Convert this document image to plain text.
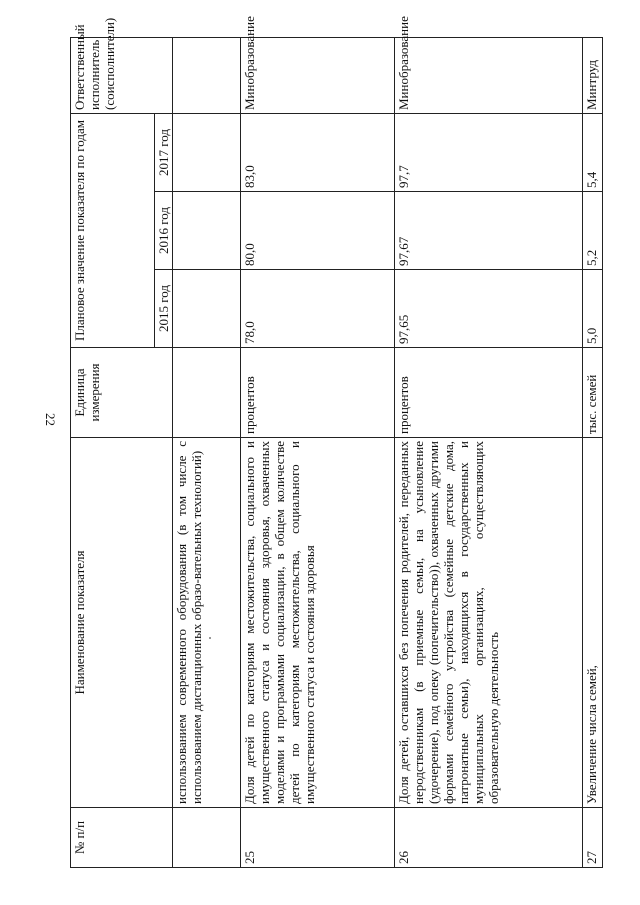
22
№ п/п	Наименование показателя	Единица измерения	Плановое значение показателя по годам			Ответственный исполнитель (соисполнители)
			2015 год	2016 год	2017 год	
	использованием современного оборудования (в том числе с использованием дистанционных образо-вательных технологий)					
25	Доля детей по категориям местожительства, социального и имущественного статуса и состояния здоровья, охваченных моделями и программами социализации, в общем количестве детей по категориям местожительства, социального и имущественного статуса и состояния здоровья	процентов	78,0	80,0	83,0	Минобразование
26	Доля детей, оставшихся без попечения родителей, переданных неродственникам (в приемные семьи, на усыновление (удочерение), под опеку (попечительство)), охваченных другими формами семейного устройства (семейные детские дома, патронатные семьи), находящихся в государственных и муниципальных организациях, осуществляющих образовательную деятельность	процентов	97,65	97,67	97,7	Минобразование
27	Увеличение числа семей,	тыс. семей	5,0	5,2	5,4	Минтруд
